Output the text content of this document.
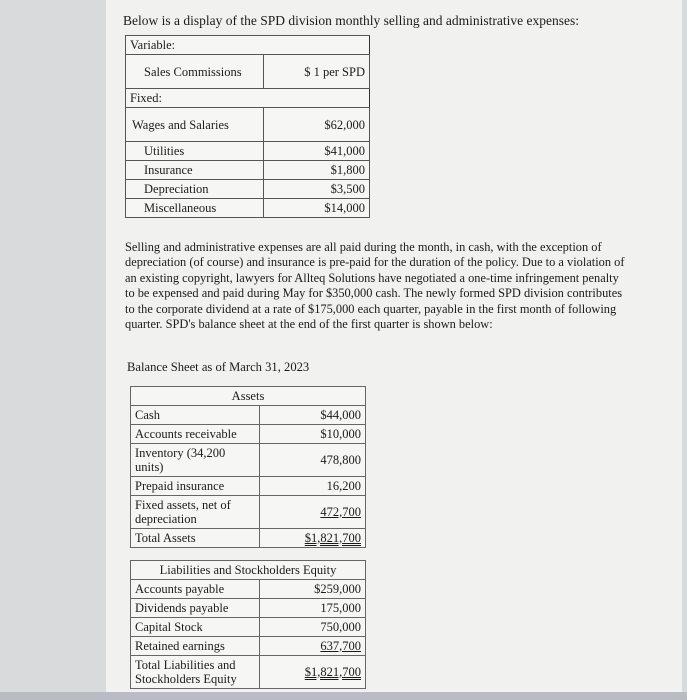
Below is a display of the SPD division monthly selling and administrative expenses:
Variable:	
Sales Commissions	$ 1 per SPD
Fixed:	
Wages and Salaries	$62,000
Utilities	$41,000
Insurance	$1,800
Depreciation	$3,500
Miscellaneous	$14,000
Selling and administrative expenses are all paid during the month, in cash, with the exception of depreciation (of course) and insurance is pre-paid for the duration of the policy. Due to a violation of an existing copyright, lawyers for Allteq Solutions have negotiated a one-time infringement penalty to be expensed and paid during May for $350,000 cash. The newly formed SPD division contributes to the corporate dividend at a rate of $175,000 each quarter, payable in the first month of following quarter. SPD's balance sheet at the end of the first quarter is shown below:
Balance Sheet as of March 31, 2023
Assets	
Cash	$44,000
Accounts receivable	$10,000
Inventory (34,200 units)	478,800
Prepaid insurance	16,200
Fixed assets, net of depreciation	472,700
Total Assets	$1,821,700
Liabilities and Stockholders Equity	
Accounts payable	$259,000
Dividends payable	175,000
Capital Stock	750,000
Retained earnings	637,700
Total Liabilities and Stockholders Equity	$1,821,700
